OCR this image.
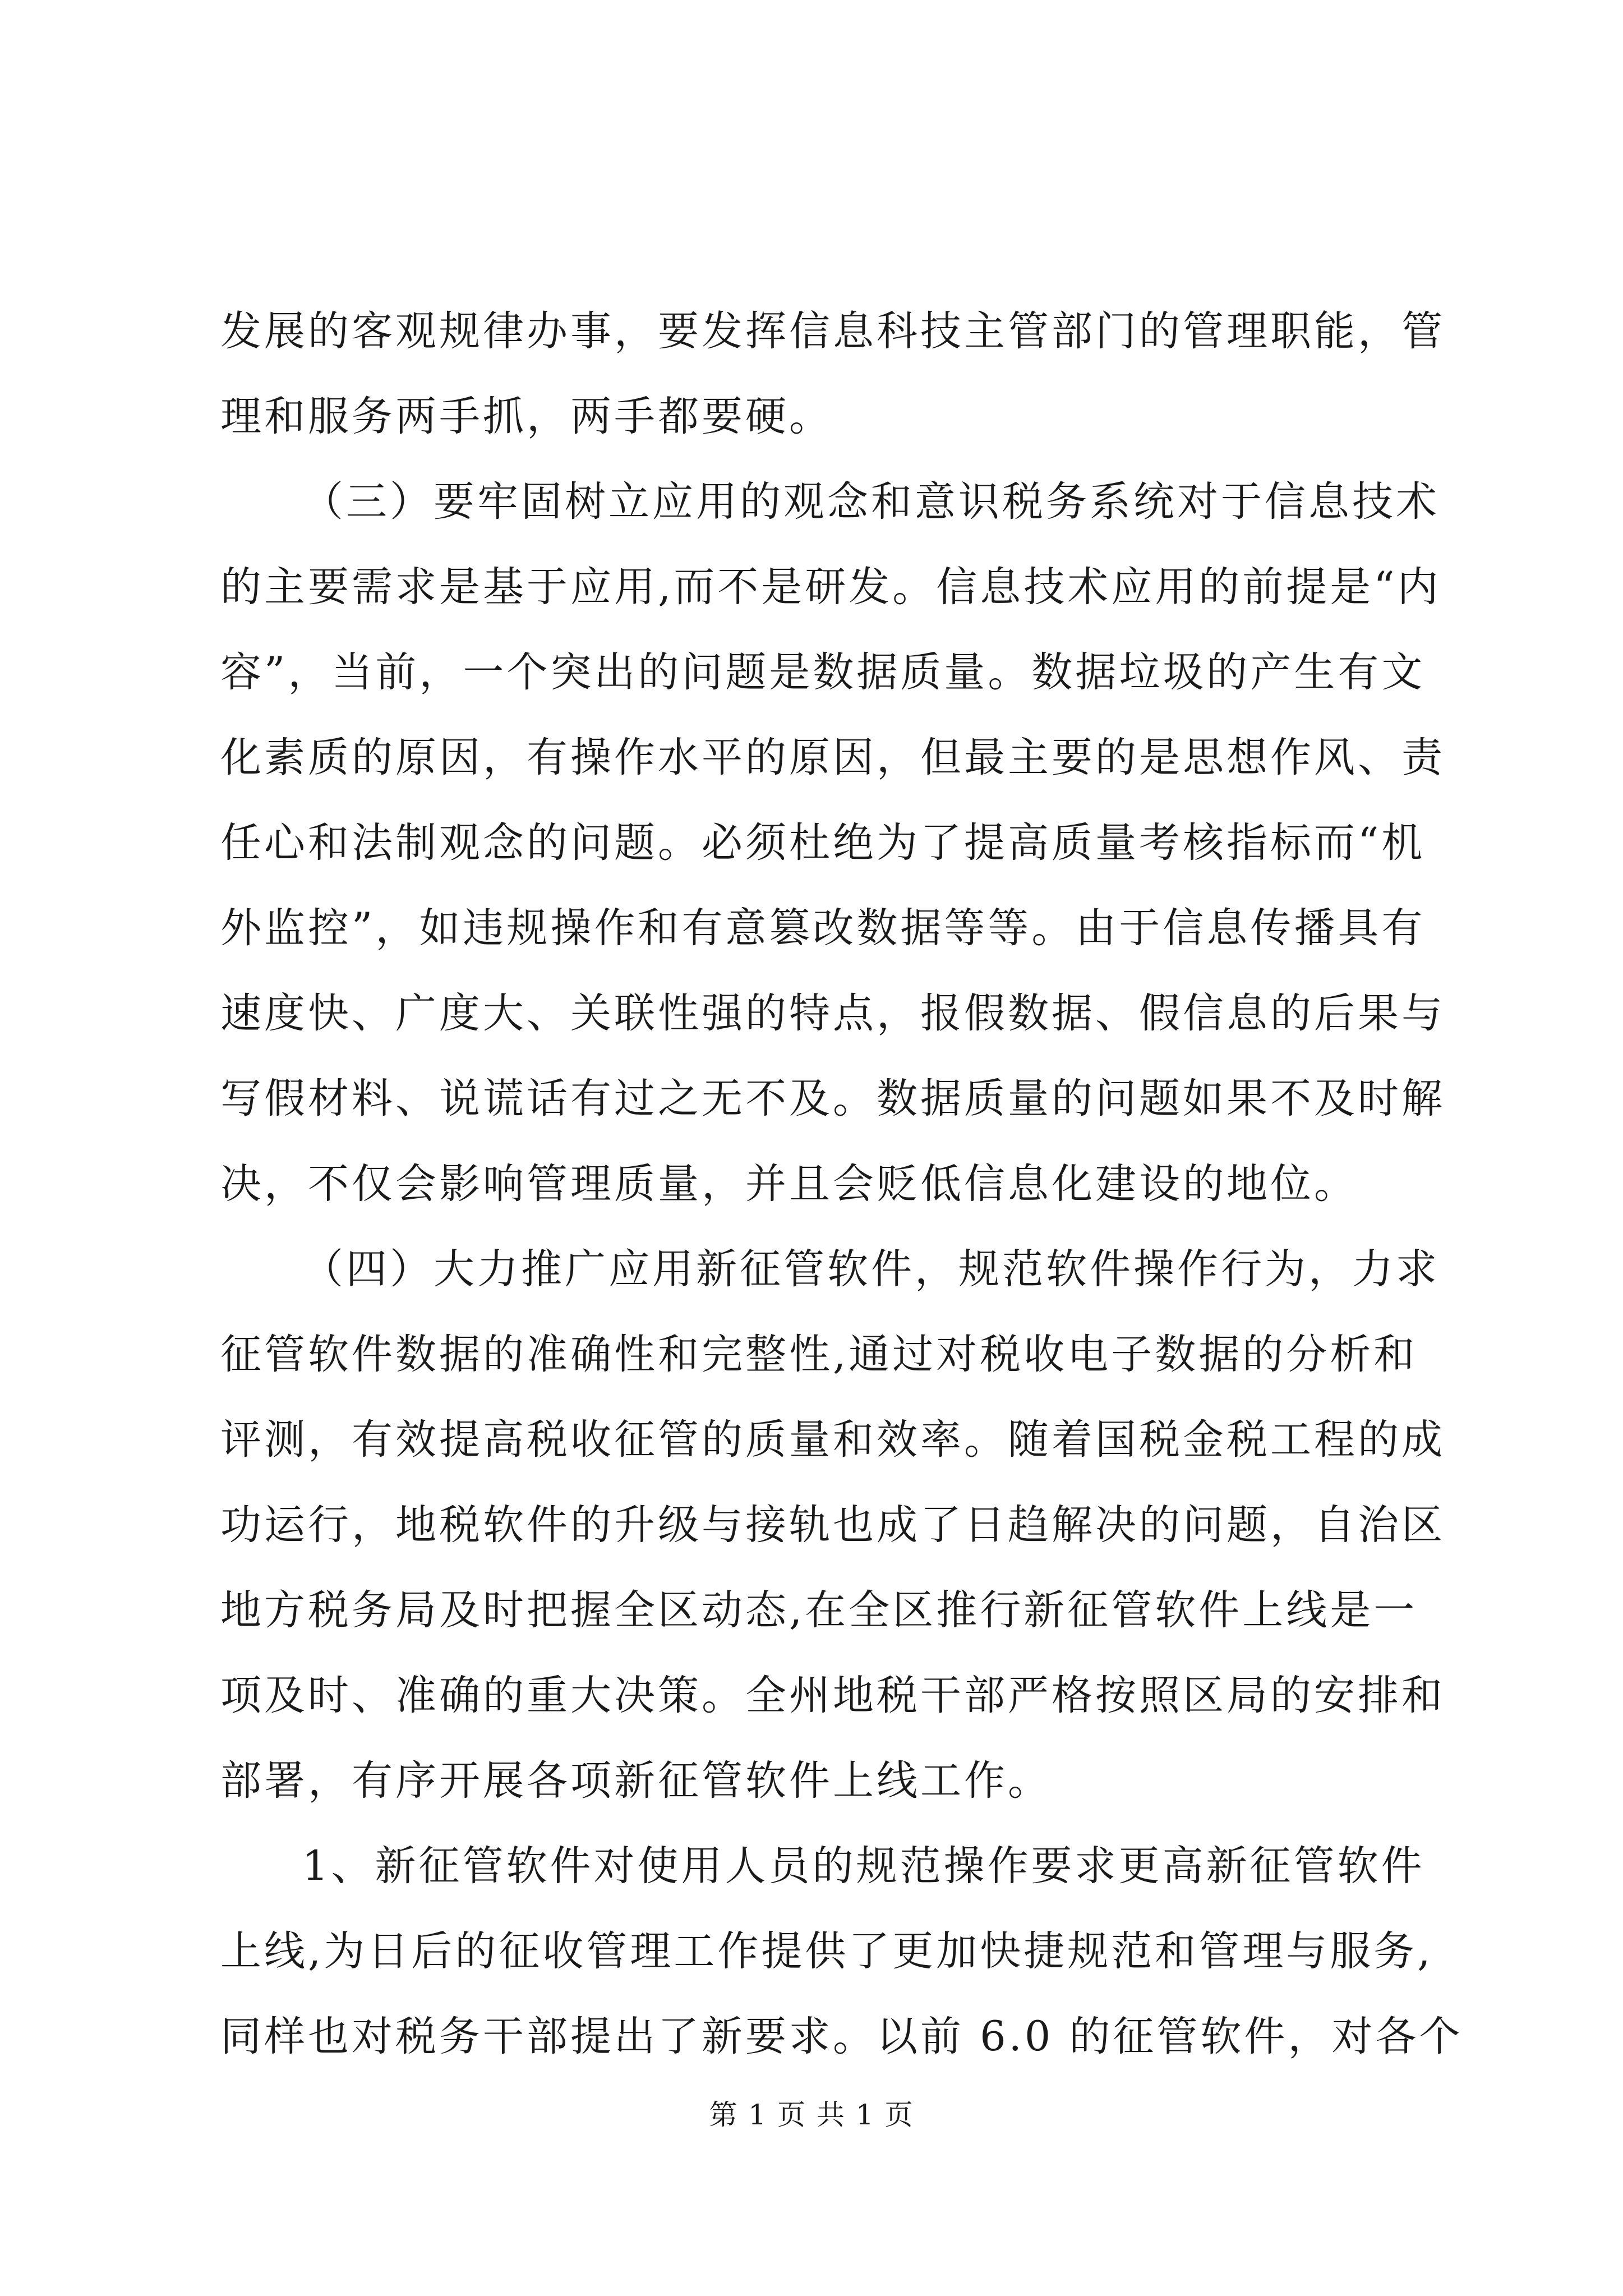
发展的客观规律办事，要发挥信息科技主管部门的管理职能，管
理和服务两手抓，两手都要硬。
（三）要牢固树立应用的观念和意识税务系统对于信息技术
的主要需求是基于应用,而不是研发。信息技术应用的前提是“内
容”，当前，一个突出的问题是数据质量。数据垃圾的产生有文
化素质的原因，有操作水平的原因，但最主要的是思想作风、责
任心和法制观念的问题。必须杜绝为了提高质量考核指标而“机
外监控”，如违规操作和有意篡改数据等等。由于信息传播具有
速度快、广度大、关联性强的特点，报假数据、假信息的后果与
写假材料、说谎话有过之无不及。数据质量的问题如果不及时解
决，不仅会影响管理质量，并且会贬低信息化建设的地位。
（四）大力推广应用新征管软件，规范软件操作行为，力求
征管软件数据的准确性和完整性,通过对税收电子数据的分析和
评测，有效提高税收征管的质量和效率。随着国税金税工程的成
功运行，地税软件的升级与接轨也成了日趋解决的问题，自治区
地方税务局及时把握全区动态,在全区推行新征管软件上线是一
项及时、准确的重大决策。全州地税干部严格按照区局的安排和
部署，有序开展各项新征管软件上线工作。
1、新征管软件对使用人员的规范操作要求更高新征管软件
上线,为日后的征收管理工作提供了更加快捷规范和管理与服务,
同样也对税务干部提出了新要求。以前 6.0 的征管软件，对各个
第 1 页 共 1 页
